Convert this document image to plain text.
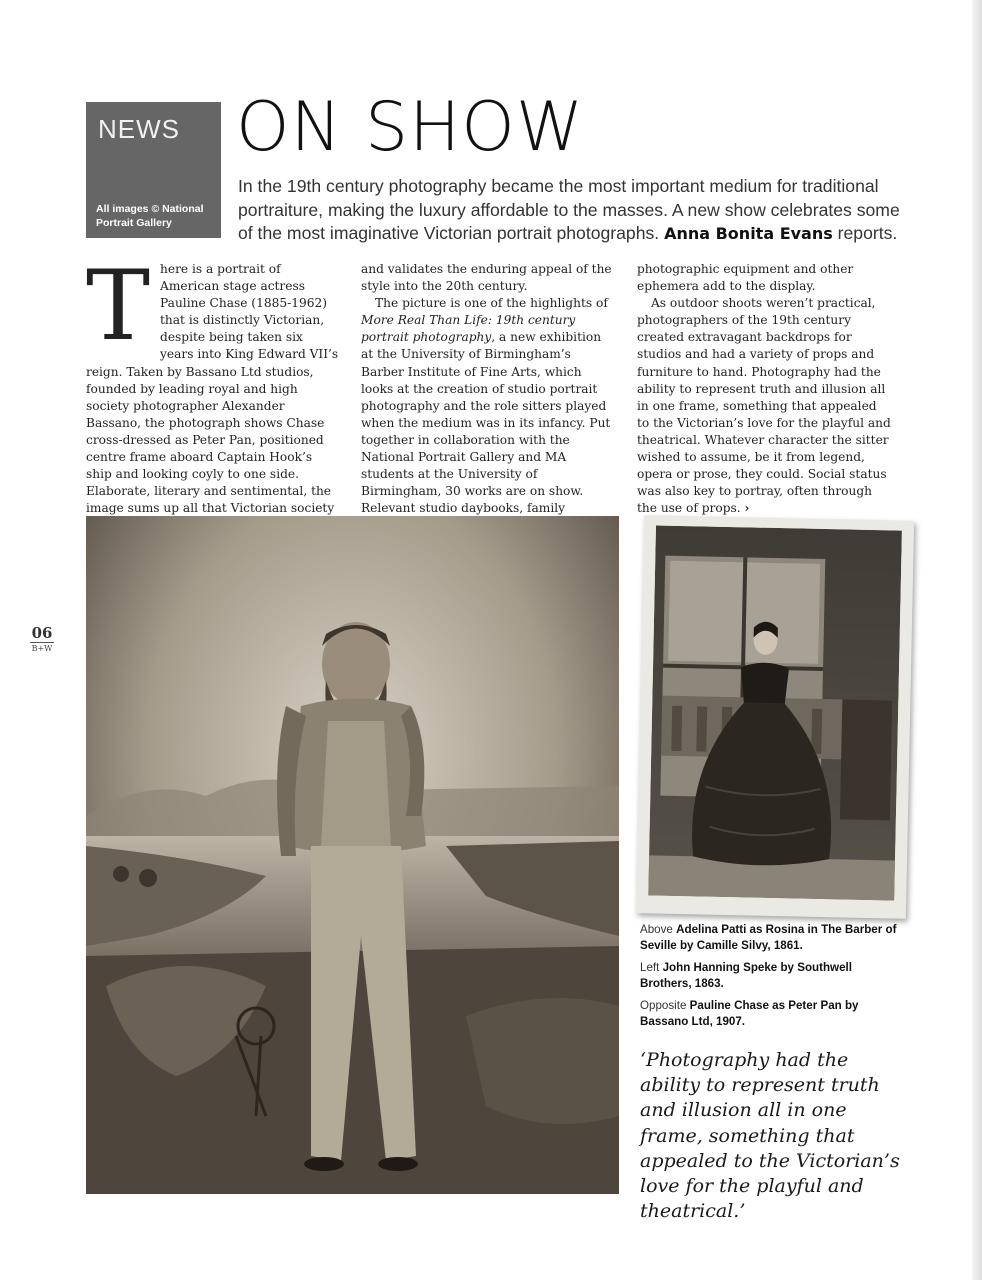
NEWS
All images © National Portrait Gallery
ON SHOW
In the 19th century photography became the most important medium for traditional portraiture, making the luxury affordable to the masses. A new show celebrates some of the most imaginative Victorian portrait photographs. Anna Bonita Evans reports.

There is a portrait of American stage actress Pauline Chase (1885-1962) that is distinctly Victorian, despite being taken six years into King Edward VII’s reign. Taken by Bassano Ltd studios, founded by leading royal and high society photographer Alexander Bassano, the photograph shows Chase cross-dressed as Peter Pan, positioned centre frame aboard Captain Hook’s ship and looking coyly to one side. Elaborate, literary and sentimental, the image sums up all that Victorian society

and validates the enduring appeal of the style into the 20th century.

The picture is one of the highlights of More Real Than Life: 19th century portrait photography, a new exhibition at the University of Birmingham’s Barber Institute of Fine Arts, which looks at the creation of studio portrait photography and the role sitters played when the medium was in its infancy. Put together in collaboration with the National Portrait Gallery and MA students at the University of Birmingham, 30 works are on show. Relevant studio daybooks, family

photographic equipment and other ephemera add to the display.

As outdoor shoots weren’t practical, photographers of the 19th century created extravagant backdrops for studios and had a variety of props and furniture to hand. Photography had the ability to represent truth and illusion all in one frame, something that appealed to the Victorian’s love for the playful and theatrical. Whatever character the sitter wished to assume, be it from legend, opera or prose, they could. Social status was also key to portray, often through the use of props. ›

06
B+W

Above Adelina Patti as Rosina in The Barber of Seville by Camille Silvy, 1861.

Left John Hanning Speke by Southwell Brothers, 1863.

Opposite Pauline Chase as Peter Pan by Bassano Ltd, 1907.

‘Photography had the ability to represent truth and illusion all in one frame, something that appealed to the Victorian’s love for the playful and theatrical.’
